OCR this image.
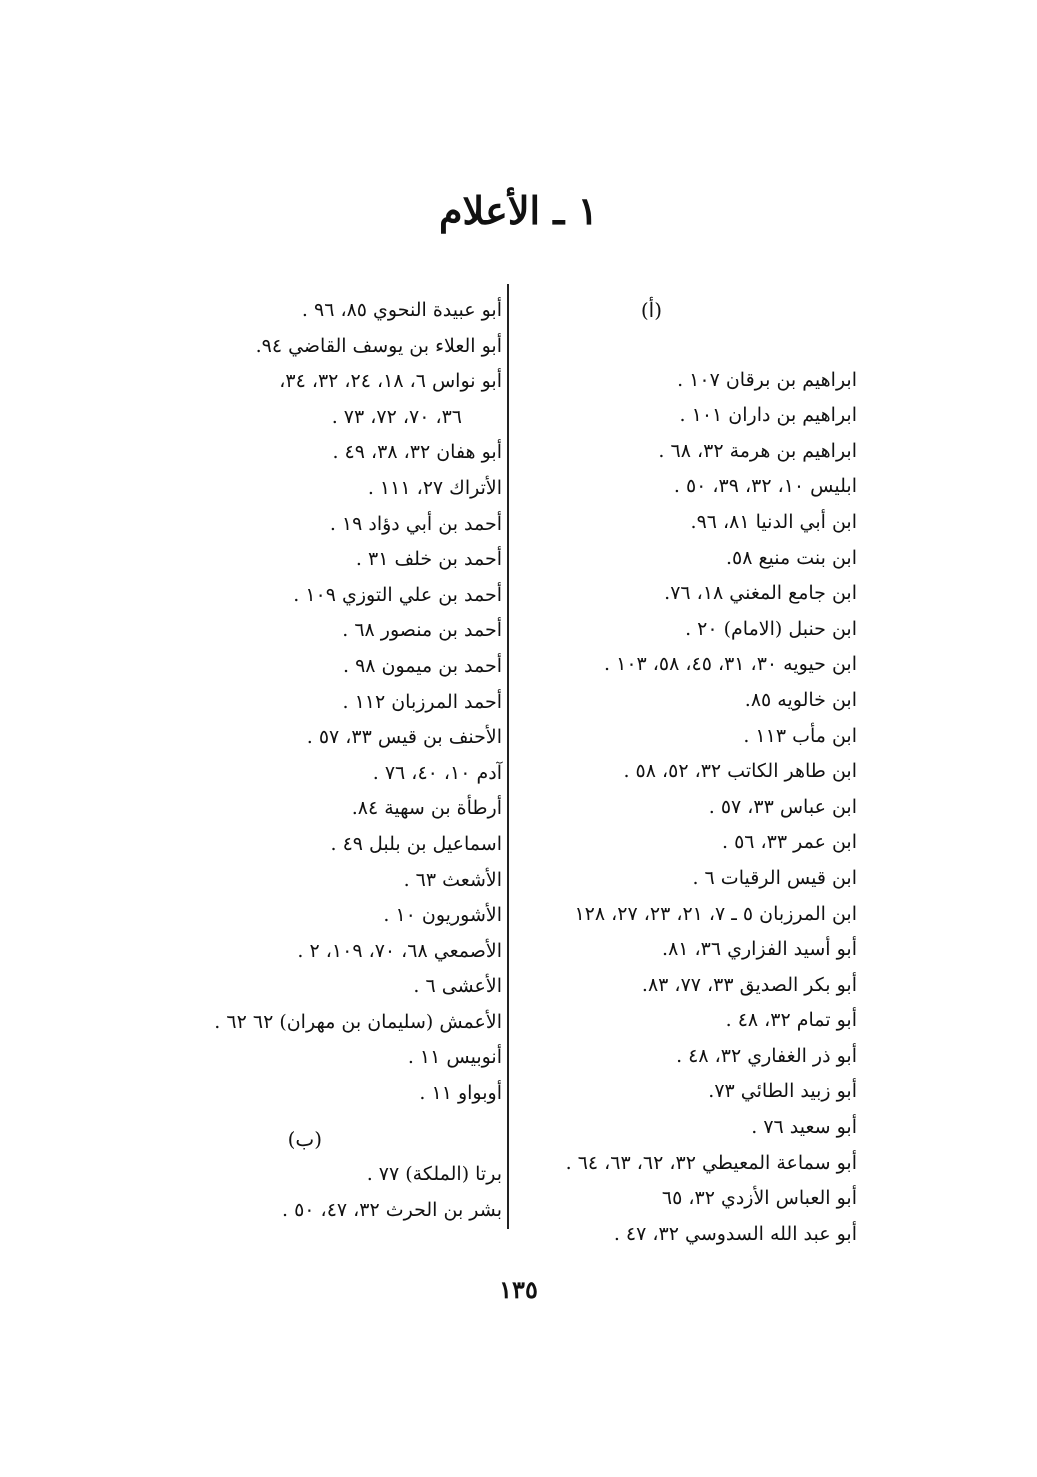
١ ـ الأعلام
(أ)
ابراهيم بن برقان ١٠٧ .
ابراهيم بن داران ١٠١ .
ابراهيم بن هرمة ٣٢، ٦٨ .
ابليس ١٠، ٣٢، ٣٩، ٥٠ .
ابن أبي الدنيا ٨١، ٩٦.
ابن بنت منيع ٥٨.
ابن جامع المغني ١٨، ٧٦.
ابن حنبل (الامام) ٢٠ .
ابن حيويه ٣٠، ٣١، ٤٥، ٥٨، ١٠٣ .
ابن خالويه ٨٥.
ابن مأب ١١٣ .
ابن طاهر الكاتب ٣٢، ٥٢، ٥٨ .
ابن عباس ٣٣، ٥٧ .
ابن عمر ٣٣، ٥٦ .
ابن قيس الرقيات ٦ .
ابن المرزبان ٥ ـ ٧، ٢١، ٢٣، ٢٧، ١٢٨
أبو أسيد الفزاري ٣٦، ٨١.
أبو بكر الصديق ٣٣، ٧٧، ٨٣.
أبو تمام ٣٢، ٤٨ .
أبو ذر الغفاري ٣٢، ٤٨ .
أبو زبيد الطائي ٧٣.
أبو سعيد ٧٦ .
أبو سماعة المعيطي ٣٢، ٦٢، ٦٣، ٦٤ .
أبو العباس الأزدي ٣٢، ٦٥
أبو عبد الله السدوسي ٣٢، ٤٧ .
أبو عبيدة النحوي ٨٥، ٩٦ .
أبو العلاء بن يوسف القاضي ٩٤.
أبو نواس ٦، ١٨، ٢٤، ٣٢، ٣٤،
٣٦، ٧٠، ٧٢، ٧٣ .
أبو هفان ٣٢، ٣٨، ٤٩ .
الأتراك ٢٧، ١١١ .
أحمد بن أبي دؤاد ١٩ .
أحمد بن خلف ٣١ .
أحمد بن علي التوزي ١٠٩ .
أحمد بن منصور ٦٨ .
أحمد بن ميمون ٩٨ .
أحمد المرزبان ١١٢ .
الأحنف بن قيس ٣٣، ٥٧ .
آدم ١٠، ٤٠، ٧٦ .
أرطأة بن سهية ٨٤.
اسماعيل بن بلبل ٤٩ .
الأشعث ٦٣ .
الأشوريون ١٠ .
الأصمعي ٦٨، ٧٠، ١٠٩، ٢ .
الأعشى ٦ .
الأعمش (سليمان بن مهران) ٦٢ ٦٢ .
أنوبيس ١١ .
أوبواو ١١ .
(ب)
برتا (الملكة) ٧٧ .
بشر بن الحرث ٣٢، ٤٧، ٥٠ .
١٣٥
